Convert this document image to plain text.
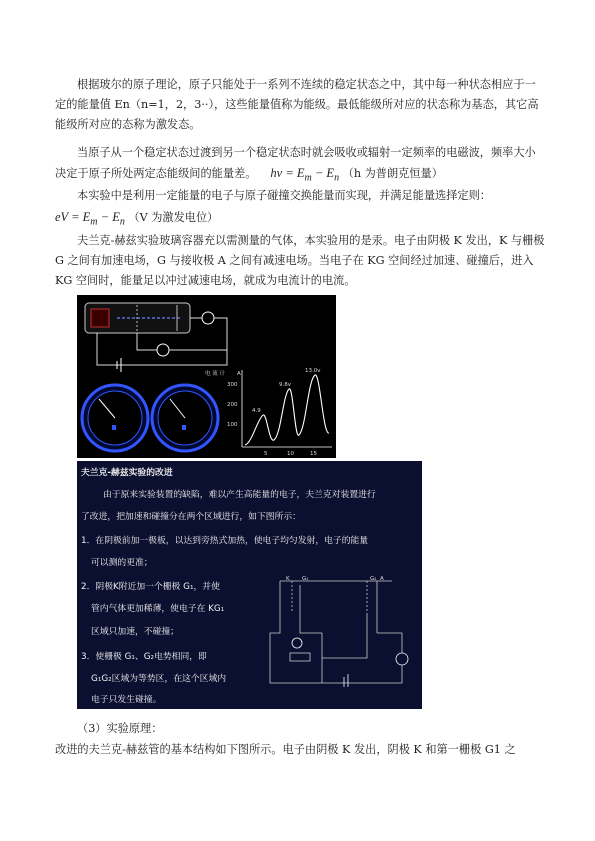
根据玻尔的原子理论，原子只能处于一系列不连续的稳定状态之中，其中每一种状态相应于一定的能量值 En（n=1，2，3··），这些能量值称为能级。最低能级所对应的状态称为基态，其它高能级所对应的态称为激发态。

当原子从一个稳定状态过渡到另一个稳定状态时就会吸收或辐射一定频率的电磁波，频率大小决定于原子所处两定态能级间的能量差。 $h\nu = E_m - E_n$ （h 为普朗克恒量）

本实验中是利用一定能量的电子与原子碰撞交换能量而实现，并满足能量选择定则：

eV = $E_m - E_n$ （V 为激发电位）

夫兰克-赫兹实验玻璃容器充以需测量的气体，本实验用的是汞。电子由阴极 K 发出，K 与栅极 G 之间有加速电场，G 与接收极 A 之间有减速电场。当电子在 KG 空间经过加速、碰撞后，进入 KG 空间时，能量足以冲过减速电场，就成为电流计的电流。

电 流 计 A
300
200
100
5	10	15
4.9
9.8v
13.0v
夫兰克-赫兹实验的改进
由于原来实验装置的缺陷，难以产生高能量的电子，夫兰克对装置进行
了改进，把加速和碰撞分在两个区域进行，如下图所示：
1．在阴极前加一极板，以达到旁热式加热，使电子均匀发射，电子的能量
可以测的更准；
2．阴极K附近加一个栅极 G₁，并使
管内气体更加稀薄，使电子在 KG₁
区域只加速，不碰撞；
3．使栅极 G₁、G₂电势相同，即
G₁G₂区域为等势区，在这个区域内
电子只发生碰撞。
K G₁	G₂ A

（3）实验原理：

改进的夫兰克-赫兹管的基本结构如下图所示。电子由阴极 K 发出，阴极 K 和第一栅极 G1 之
